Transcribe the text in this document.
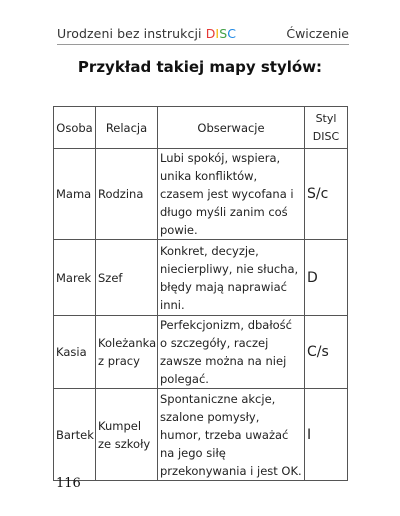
Urodzeni bez instrukcji DISC	Ćwiczenie
Przykład takiej mapy stylów:
Osoba	Relacja	Obserwacje	Styl DISC
Mama	Rodzina	Lubi spokój, wspiera, unika konfliktów, czasem jest wycofana i długo myśli zanim coś powie.	S/c
Marek	Szef	Konkret, decyzje, niecierpliwy, nie słucha, błędy mają naprawiać inni.	D
Kasia	Koleżanka z pracy	Perfekcjonizm, dbałość o szczegóły, raczej zawsze można na niej polegać.	C/s
Bartek	Kumpel ze szkoły	Spontaniczne akcje, szalone pomysły, humor, trzeba uważać na jego siłę przekonywania i jest OK.	I
116
